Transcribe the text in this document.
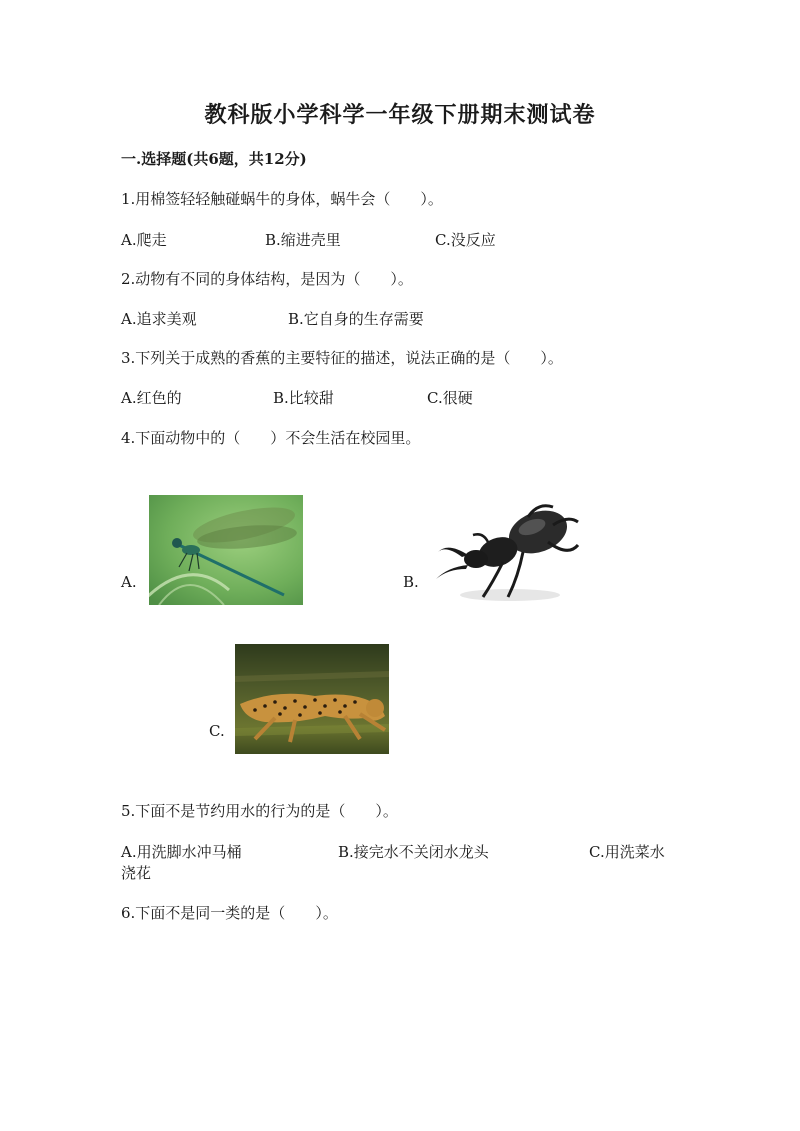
教科版小学科学一年级下册期末测试卷
一.选择题(共6题，共12分)
1.用棉签轻轻触碰蜗牛的身体，蜗牛会（　　）。
A.爬走	B.缩进壳里	C.没反应
2.动物有不同的身体结构，是因为（　　）。
A.追求美观	B.它自身的生存需要
3.下列关于成熟的香蕉的主要特征的描述，说法正确的是（　　）。
A.红色的	B.比较甜	C.很硬
4.下面动物中的（　　）不会生活在校园里。
A.	B.
C.
5.下面不是节约用水的行为的是（　　）。
A.用洗脚水冲马桶	B.接完水不关闭水龙头	C.用洗菜水
浇花
6.下面不是同一类的是（　　）。
